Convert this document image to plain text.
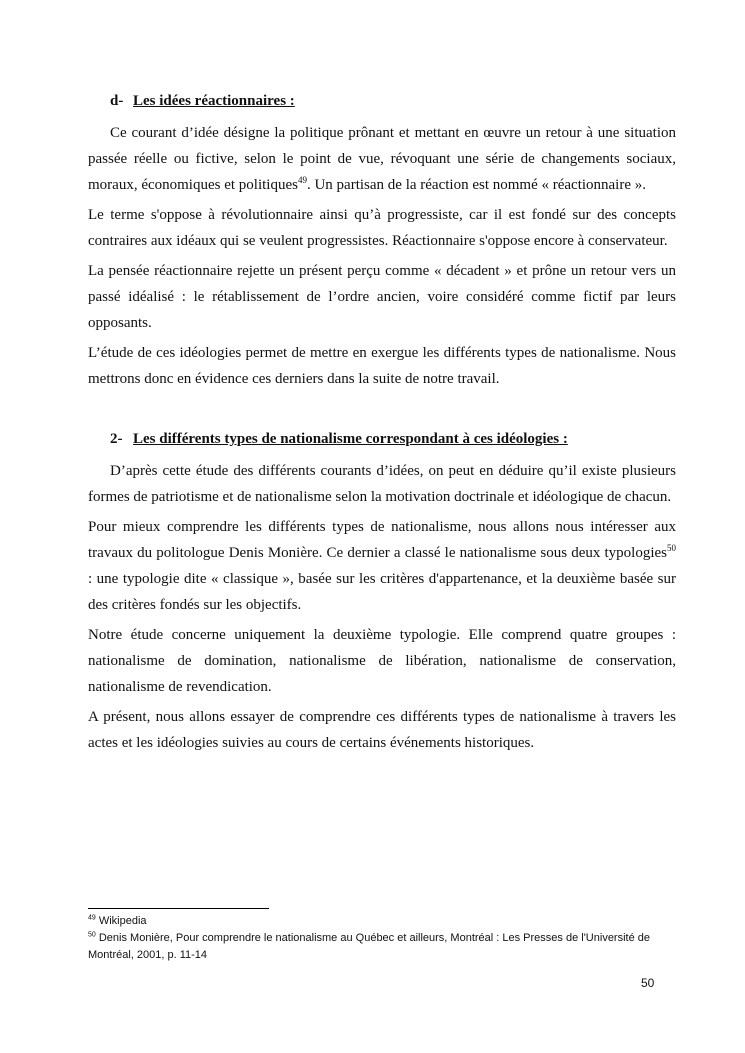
d- Les idées réactionnaires :

Ce courant d’idée désigne la politique prônant et mettant en œuvre un retour à une situation passée réelle ou fictive, selon le point de vue, révoquant une série de changements sociaux, moraux, économiques et politiques$^{49}$. Un partisan de la réaction est nommé « réactionnaire ».

Le terme s'oppose à révolutionnaire ainsi qu’à progressiste, car il est fondé sur des concepts contraires aux idéaux qui se veulent progressistes. Réactionnaire s'oppose encore à conservateur.

La pensée réactionnaire rejette un présent perçu comme « décadent » et prône un retour vers un passé idéalisé : le rétablissement de l’ordre ancien, voire considéré comme fictif par leurs opposants.

L’étude de ces idéologies permet de mettre en exergue les différents types de nationalisme. Nous mettrons donc en évidence ces derniers dans la suite de notre travail.

2- Les différents types de nationalisme correspondant à ces idéologies :

D’après cette étude des différents courants d’idées, on peut en déduire qu’il existe plusieurs formes de patriotisme et de nationalisme selon la motivation doctrinale et idéologique de chacun.

Pour mieux comprendre les différents types de nationalisme, nous allons nous intéresser aux travaux du politologue Denis Monière. Ce dernier a classé le nationalisme sous deux typologies$^{50}$ : une typologie dite « classique », basée sur les critères d'appartenance, et la deuxième basée sur des critères fondés sur les objectifs.

Notre étude concerne uniquement la deuxième typologie. Elle comprend quatre groupes : nationalisme de domination, nationalisme de libération, nationalisme de conservation, nationalisme de revendication.

A présent, nous allons essayer de comprendre ces différents types de nationalisme à travers les actes et les idéologies suivies au cours de certains événements historiques.

$^{49}$ Wikipedia
$^{50}$ Denis Monière, Pour comprendre le nationalisme au Québec et ailleurs, Montréal : Les Presses de l'Université de Montréal, 2001, p. 11-14
50
